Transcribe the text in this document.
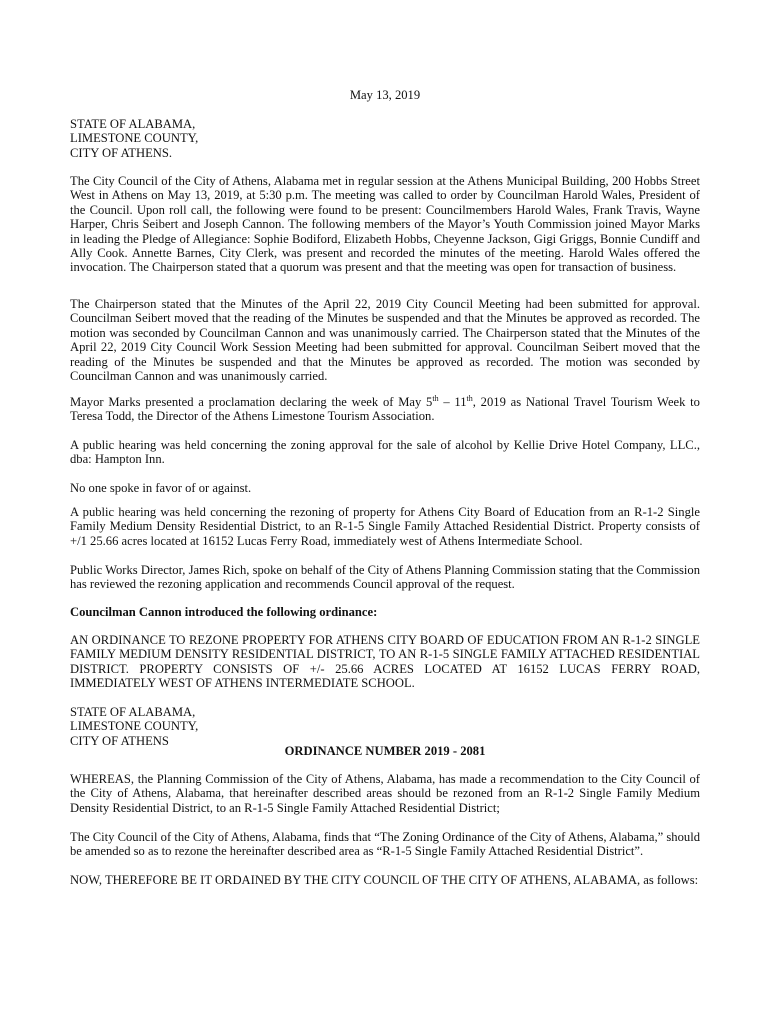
May 13, 2019
STATE OF ALABAMA,
LIMESTONE COUNTY,
CITY OF ATHENS.
The City Council of the City of Athens, Alabama met in regular session at the Athens Municipal Building, 200 Hobbs Street West in Athens on May 13, 2019, at 5:30 p.m. The meeting was called to order by Councilman Harold Wales, President of the Council. Upon roll call, the following were found to be present: Councilmembers Harold Wales, Frank Travis, Wayne Harper, Chris Seibert and Joseph Cannon. The following members of the Mayor’s Youth Commission joined Mayor Marks in leading the Pledge of Allegiance: Sophie Bodiford, Elizabeth Hobbs, Cheyenne Jackson, Gigi Griggs, Bonnie Cundiff and Ally Cook. Annette Barnes, City Clerk, was present and recorded the minutes of the meeting. Harold Wales offered the invocation. The Chairperson stated that a quorum was present and that the meeting was open for transaction of business.
The Chairperson stated that the Minutes of the April 22, 2019 City Council Meeting had been submitted for approval. Councilman Seibert moved that the reading of the Minutes be suspended and that the Minutes be approved as recorded. The motion was seconded by Councilman Cannon and was unanimously carried. The Chairperson stated that the Minutes of the April 22, 2019 City Council Work Session Meeting had been submitted for approval. Councilman Seibert moved that the reading of the Minutes be suspended and that the Minutes be approved as recorded. The motion was seconded by Councilman Cannon and was unanimously carried.
Mayor Marks presented a proclamation declaring the week of May 5th – 11th, 2019 as National Travel Tourism Week to Teresa Todd, the Director of the Athens Limestone Tourism Association.
A public hearing was held concerning the zoning approval for the sale of alcohol by Kellie Drive Hotel Company, LLC., dba: Hampton Inn.
No one spoke in favor of or against.
A public hearing was held concerning the rezoning of property for Athens City Board of Education from an R-1-2 Single Family Medium Density Residential District, to an R-1-5 Single Family Attached Residential District. Property consists of +/1 25.66 acres located at 16152 Lucas Ferry Road, immediately west of Athens Intermediate School.
Public Works Director, James Rich, spoke on behalf of the City of Athens Planning Commission stating that the Commission has reviewed the rezoning application and recommends Council approval of the request.
Councilman Cannon introduced the following ordinance:
AN ORDINANCE TO REZONE PROPERTY FOR ATHENS CITY BOARD OF EDUCATION FROM AN R-1-2 SINGLE FAMILY MEDIUM DENSITY RESIDENTIAL DISTRICT, TO AN R-1-5 SINGLE FAMILY ATTACHED RESIDENTIAL DISTRICT. PROPERTY CONSISTS OF +/- 25.66 ACRES LOCATED AT 16152 LUCAS FERRY ROAD, IMMEDIATELY WEST OF ATHENS INTERMEDIATE SCHOOL.
STATE OF ALABAMA,
LIMESTONE COUNTY,
CITY OF ATHENS
ORDINANCE NUMBER 2019 - 2081
WHEREAS, the Planning Commission of the City of Athens, Alabama, has made a recommendation to the City Council of the City of Athens, Alabama, that hereinafter described areas should be rezoned from an R-1-2 Single Family Medium Density Residential District, to an R-1-5 Single Family Attached Residential District;
The City Council of the City of Athens, Alabama, finds that “The Zoning Ordinance of the City of Athens, Alabama,” should be amended so as to rezone the hereinafter described area as “R-1-5 Single Family Attached Residential District”.
NOW, THEREFORE BE IT ORDAINED BY THE CITY COUNCIL OF THE CITY OF ATHENS, ALABAMA, as follows:
